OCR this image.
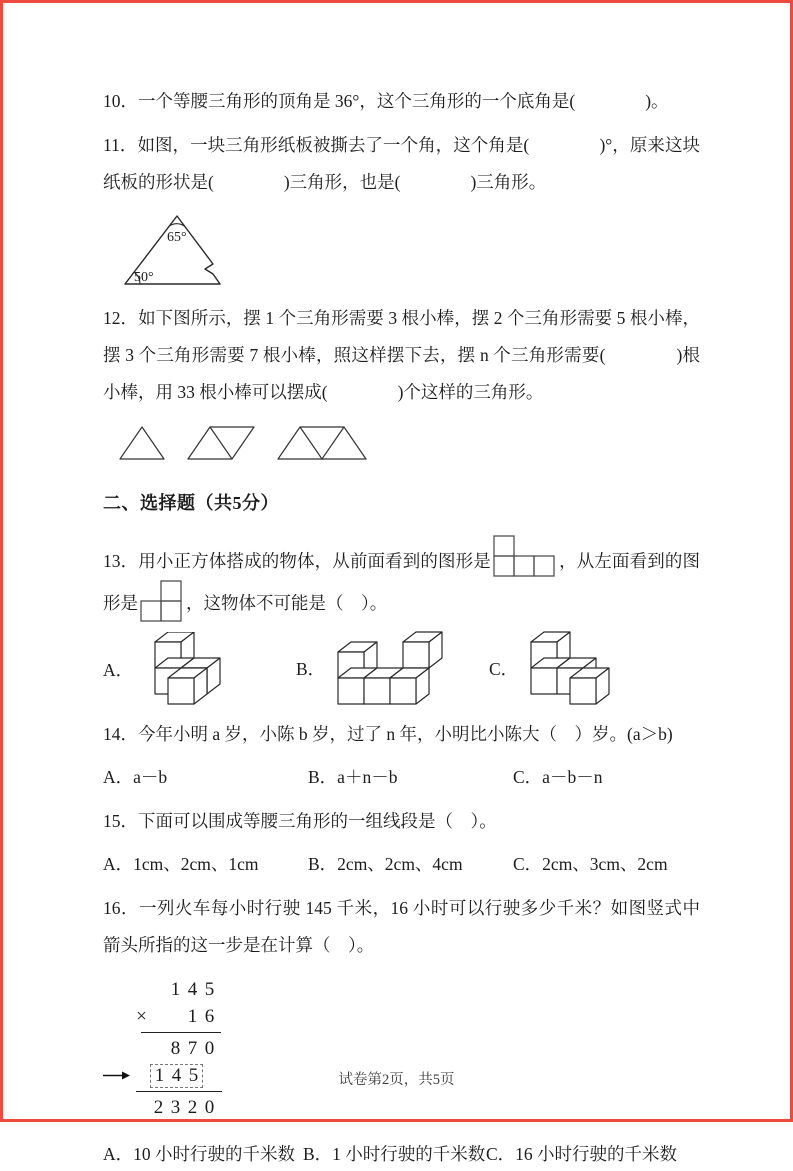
10．一个等腰三角形的顶角是 36°，这个三角形的一个底角是(　　　　)。

11．如图，一块三角形纸板被撕去了一个角，这个角是(　　　　)°，原来这块纸板的形状是(　　　　)三角形，也是(　　　　)三角形。

65°
50°

12．如下图所示，摆 1 个三角形需要 3 根小棒，摆 2 个三角形需要 5 根小棒，摆 3 个三角形需要 7 根小棒，照这样摆下去，摆 n 个三角形需要(　　　　)根小棒，用 33 根小棒可以摆成(　　　　)个这样的三角形。

二、选择题（共5分）

13．用小正方体搭成的物体，从前面看到的图形是	，从左面看到的图形是	，这物体不可能是（　）。

A．	B．	C．

14．今年小明 a 岁，小陈 b 岁，过了 n 年，小明比小陈大（　）岁。(a＞b)

A．a－b	B．a＋n－b	C．a－b－n

15．下面可以围成等腰三角形的一组线段是（　）。

A．1cm、2cm、1cm	B．2cm、2cm、4cm	C．2cm、3cm、2cm

16．一列火车每小时行驶 145 千米，16 小时可以行驶多少千米？如图竖式中箭头所指的这一步是在计算（　）。

1 4 5
× 1 6
8 7 0
1 4 5
2 3 2 0
A．10 小时行驶的千米数 B．1 小时行驶的千米数 C．16 小时行驶的千米数
试卷第2页，共5页
